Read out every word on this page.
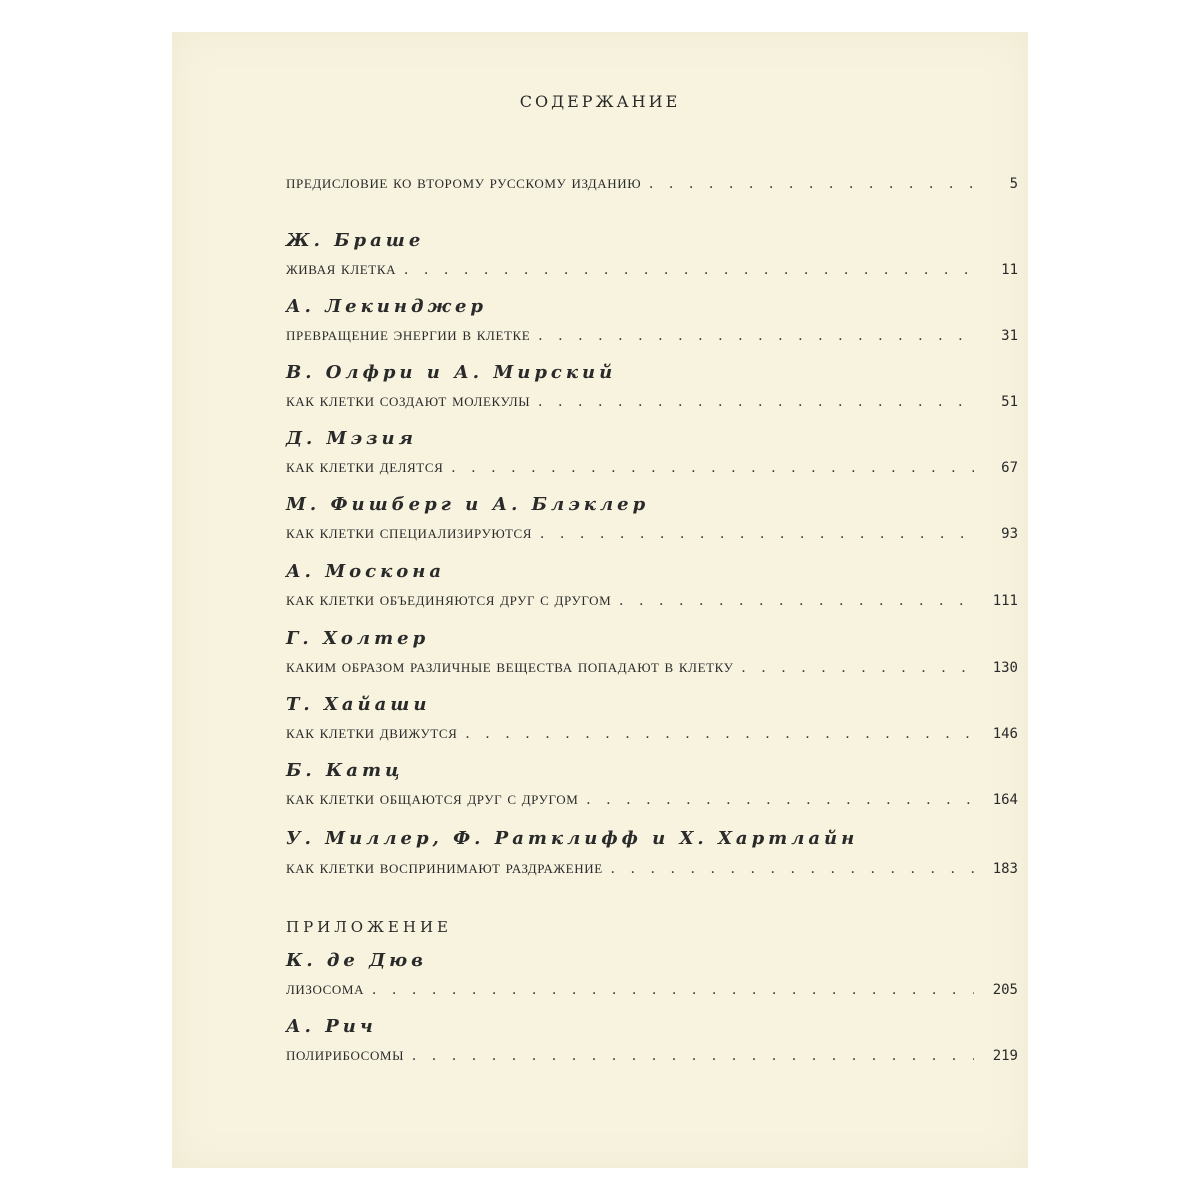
СОДЕРЖАНИЕ
предисловие ко второму русскому изданию . . .	5
Ж. Браше
живая клетка . . .	11
А. Лекинджер
превращение энергии в клетке . . .	31
В. Олфри и А. Мирский
как клетки создают молекулы . . .	51
Д. Мэзия
как клетки делятся . . .	67
М. Фишберг и А. Блэклер
как клетки специализируются . . .	93
А. Москона
как клетки объединяются друг с другом . . .	111
Г. Холтер
каким образом различные вещества попадают в клетку . . .	130
Т. Хайаши
как клетки движутся . . .	146
Б. Катц
как клетки общаются друг с другом . . .	164
У. Миллер, Ф. Ратклифф и Х. Хартлайн
как клетки воспринимают раздражение . . .	183
ПРИЛОЖЕНИЕ
К. де Дюв
лизосома . . .	205
А. Рич
полирибосомы . . .	219
